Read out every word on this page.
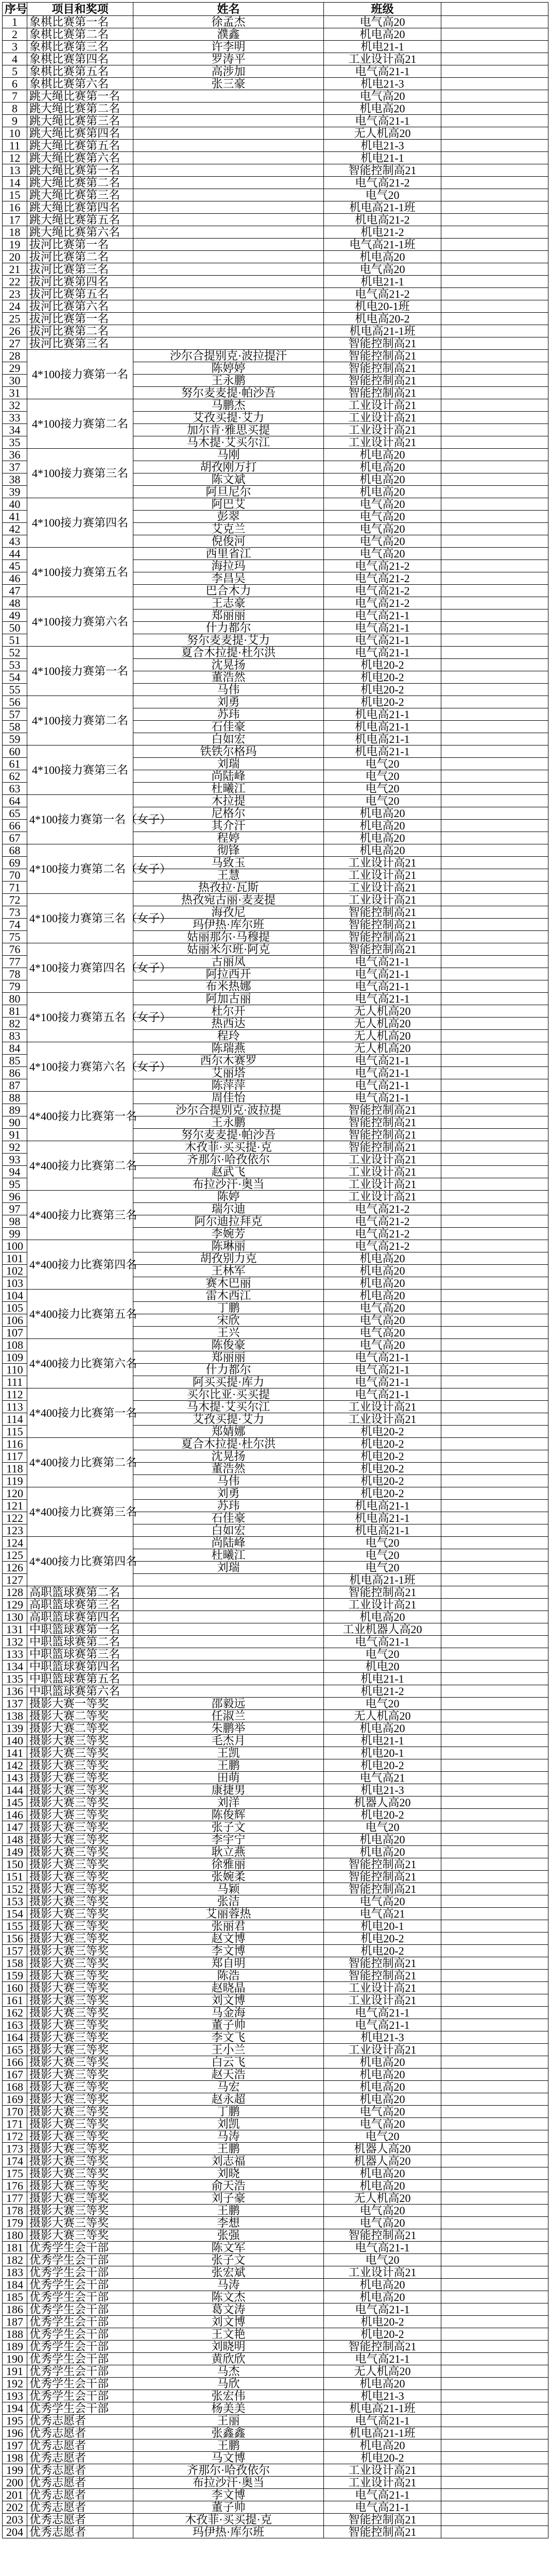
序号	项目和奖项	姓名	班级	
1	象棋比赛第一名	徐孟杰	电气高20	
2	象棋比赛第二名	濮鑫	机电高20	
3	象棋比赛第三名	许李明	机电21-1	
4	象棋比赛第四名	罗涛平	工业设计高21	
5	象棋比赛第五名	高涉加	电气高21-1	
6	象棋比赛第六名	张三豪	机电21-3	
7	跳大绳比赛第一名		电气高20	
8	跳大绳比赛第二名		机电高20	
9	跳大绳比赛第三名		电气高21-1	
10	跳大绳比赛第四名		无人机高20	
11	跳大绳比赛第五名		机电21-3	
12	跳大绳比赛第六名		机电21-1	
13	跳大绳比赛第一名		智能控制高21	
14	跳大绳比赛第二名		电气高21-2	
15	跳大绳比赛第三名		电气20	
16	跳大绳比赛第四名		机电高21-1班	
17	跳大绳比赛第五名		机电高21-2	
18	跳大绳比赛第六名		机电21-2	
19	拔河比赛第一名		电气高21-1班	
20	拔河比赛第二名		机电高20	
21	拔河比赛第三名		电气高20	
22	拔河比赛第四名		机电21-1	
23	拔河比赛第五名		电气高21-2	
24	拔河比赛第六名		机电20-1班	
25	拔河比赛第一名		机电高20-2	
26	拔河比赛第二名		机电高21-1班	
27	拔河比赛第三名		智能控制高21	
28	4*100接力赛第一名	沙尔合提别克·波拉提汗	智能控制高21	
29		陈婷婷	智能控制高21	
30		王永鹏	智能控制高21	
31		努尔麦麦提·帕沙吾	智能控制高21	
32	4*100接力赛第二名	马鹏杰	工业设计高21	
33		艾孜买提·艾力	工业设计高21	
34		加尔肯·雅思买提	工业设计高21	
35		马木提·艾买尔江	工业设计高21	
36	4*100接力赛第三名	马刚	机电高20	
37		胡孜刚万打	机电高20	
38		陈文斌	机电高20	
39		阿旦尼尔	机电高20	
40	4*100接力赛第四名	阿巴艾	电气高20	
41		彭翠	电气高20	
42		艾克兰	电气高20	
43		倪俊河	电气高20	
44	4*100接力赛第五名	西里省江	电气高20	
45		海拉玛	电气高21-2	
46		李昌吴	电气高21-2	
47		巴合木力	电气高21-2	
48	4*100接力赛第六名	王志豪	电气高21-2	
49		郑丽丽	电气高21-1	
50		什力都尔	电气高21-1	
51		努尔麦麦提·艾力	电气高21-1	
52	4*100接力赛第一名	夏合木拉提·杜尔洪	电气高21-1	
53		沈晃扬	机电20-2	
54		董浩然	机电20-2	
55		马伟	机电20-2	
56	4*100接力赛第二名	刘勇	机电20-2	
57		苏玮	机电高21-1	
58		石佳豪	机电高21-1	
59		白如宏	机电高21-1	
60	4*100接力赛第三名	铁铁尔格玛	机电高21-1	
61		刘瑞	电气20	
62		尚陆峰	电气20	
63		杜曦江	电气20	
64	4*100接力赛第一名（女子）	木拉提	电气20	
65		尼格尔	机电高20	
66		其介汗	机电高20	
67		程婷	机电高20	
68	4*100接力赛第二名（女子）	彻锋	机电高20	
69		马致玉	工业设计高21	
70		王慧	工业设计高21	
71		热孜拉·瓦斯	工业设计高21	
72	4*100接力赛第三名（女子）	热孜宛古丽·麦麦提	工业设计高21	
73		海孜尼	智能控制高21	
74		玛伊热·库尔班	智能控制高21	
75		姑丽那尔·马穆提	智能控制高21	
76	4*100接力赛第四名（女子）	姑丽米尔班·阿克	智能控制高21	
77		古丽凤	电气高21-1	
78		阿拉西开	电气高21-1	
79		布米热娜	电气高21-1	
80	4*100接力赛第五名（女子）	阿加古丽	电气高21-1	
81		杜尔开	无人机高20	
82		热西达	无人机高20	
83		程玲	无人机高20	
84	4*100接力赛第六名（女子）	陈瑞燕	无人机高20	
85		西尔木赛罗	电气高21-1	
86		艾丽塔	电气高21-1	
87		陈萍萍	电气高21-1	
88	4*400接力比赛第一名	周佳怡	电气高21-1	
89		沙尔合提别克·波拉提	智能控制高21	
90		王永鹏	智能控制高21	
91		努尔麦麦提·帕沙吾	智能控制高21	
92	4*400接力比赛第二名	木孜菲·买买提·克	智能控制高21	
93		齐那尔·哈孜依尔	工业设计高21	
94		赵武飞	工业设计高21	
95		布拉沙汗·奥当	工业设计高21	
96	4*400接力比赛第三名	陈婷	工业设计高21	
97		瑞尔迪	电气高21-2	
98		阿尔迪拉拜克	电气高21-2	
99		李婉芳	电气高21-2	
100	4*400接力比赛第四名	陈琳丽	电气高21-2	
101		胡孜别力克	机电高20	
102		王林军	机电高20	
103		赛木巴丽	机电高20	
104	4*400接力比赛第五名	雷木西江	机电高20	
105		丁鹏	电气高20	
106		宋欣	电气高20	
107		王兴	电气高20	
108	4*400接力比赛第六名	陈俊豪	电气高20	
109		郑丽丽	电气高21-1	
110		什力都尔	电气高21-1	
111		阿买买提·库力	电气高21-1	
112	4*400接力比赛第一名	买尔比亚·买买提	电气高21-1	
113		马木提·艾买尔江	工业设计高21	
114		艾孜买提·艾力	工业设计高21	
115		郑婧娜	机电20-2	
116	4*400接力比赛第二名	夏合木拉提·杜尔洪	机电20-2	
117		沈晃扬	机电20-2	
118		董浩然	机电20-2	
119		马伟	机电20-2	
120	4*400接力比赛第三名	刘勇	机电20-2	
121		苏玮	机电高21-1	
122		石佳豪	机电高21-1	
123		白如宏	机电高21-1	
124	4*400接力比赛第四名	尚陆峰	电气20	
125		杜曦江	电气20	
126		刘瑞	电气20	
127			机电高21-1班	
128	高职篮球赛第二名		智能控制高21	
129	高职篮球赛第三名		工业设计高21	
130	高职篮球赛第四名		机电高20	
131	中职篮球赛第一名		工业机器人高20	
132	中职篮球赛第二名		电气高21-1	
133	中职篮球赛第三名		电气20	
134	中职篮球赛第四名		机电20	
135	中职篮球赛第五名		机电21-1	
136	中职篮球赛第六名		机电21-2	
137	摄影大赛一等奖	邵毅远	电气20	
138	摄影大赛二等奖	任淑兰	无人机高20	
139	摄影大赛二等奖	朱鹏举	机电高20	
140	摄影大赛三等奖	毛杰月	机电21-1	
141	摄影大赛三等奖	王凯	机电20-1	
142	摄影大赛三等奖	王鹏	机电20-2	
143	摄影大赛三等奖	田萌	电气高21	
144	摄影大赛三等奖	康捷男	机电21-3	
145	摄影大赛三等奖	刘洋	机器人高20	
146	摄影大赛三等奖	陈俊辉	机电20-2	
147	摄影大赛三等奖	张子文	电气20	
148	摄影大赛三等奖	李宇宁	机电高20	
149	摄影大赛三等奖	耿立燕	机电高20	
150	摄影大赛三等奖	徐雅丽	智能控制高21	
151	摄影大赛三等奖	张婉柔	智能控制高21	
152	摄影大赛三等奖	马颖	智能控制高21	
153	摄影大赛三等奖	张洁	电气高20	
154	摄影大赛三等奖	艾丽蓉热	电气高21	
155	摄影大赛三等奖	张丽君	机电20-1	
156	摄影大赛三等奖	赵文博	机电20-2	
157	摄影大赛三等奖	李文博	机电20-2	
158	摄影大赛三等奖	郑自明	智能控制高21	
159	摄影大赛三等奖	陈浩	智能控制高21	
160	摄影大赛三等奖	赵晓晶	工业设计高21	
161	摄影大赛三等奖	刘文博	工业设计高21	
162	摄影大赛三等奖	马金海	电气高21-1	
163	摄影大赛三等奖	董子帅	电气高21-1	
164	摄影大赛三等奖	李文飞	机电21-3	
165	摄影大赛三等奖	王小兰	工业设计高21	
166	摄影大赛三等奖	白云飞	机电高20	
167	摄影大赛三等奖	赵天浩	机电高20	
168	摄影大赛三等奖	马宏	机电高20	
169	摄影大赛三等奖	赵永超	机电高20	
170	摄影大赛三等奖	丁鹏	电气高20	
171	摄影大赛三等奖	刘凯	电气高20	
172	摄影大赛三等奖	马涛	电气20	
173	摄影大赛三等奖	王鹏	机器人高20	
174	摄影大赛三等奖	刘志福	机器人高20	
175	摄影大赛三等奖	刘晓	机电高20	
176	摄影大赛三等奖	俞天浩	机电高20	
177	摄影大赛三等奖	刘子豪	无人机高20	
178	摄影大赛三等奖	王鹏	电气高20	
179	摄影大赛三等奖	李想	电气高20	
180	摄影大赛三等奖	张强	智能控制高21	
181	优秀学生会干部	陈文军	电气高21-1	
182	优秀学生会干部	张子文	电气20	
183	优秀学生会干部	张宏斌	工业设计高21	
184	优秀学生会干部	马涛	机电高20	
185	优秀学生会干部	陈文杰	机电高20	
186	优秀学生会干部	葛文涛	电气高21-1	
187	优秀学生会干部	刘文博	机电20-2	
188	优秀学生会干部	王文艳	机电20-2	
189	优秀学生会干部	刘晓明	智能控制高21	
190	优秀学生会干部	黄欣欣	电气高21-1	
191	优秀学生会干部	马杰	无人机高20	
192	优秀学生会干部	马欣	机电高20	
193	优秀学生会干部	张宏伟	机电21-3	
194	优秀学生会干部	杨美美	机电高21-1班	
195	优秀志愿者	王丽	电气高21-1	
196	优秀志愿者	张鑫鑫	机电高21-1班	
197	优秀志愿者	王鹏	机电高20	
198	优秀志愿者	马文博	机电20-2	
199	优秀志愿者	齐那尔·哈孜依尔	工业设计高21	
200	优秀志愿者	布拉沙汗·奥当	工业设计高21	
201	优秀志愿者	李文博	电气高21-1	
202	优秀志愿者	董子帅	电气高21-1	
203	优秀志愿者	木孜菲·买买提·克	智能控制高21	
204	优秀志愿者	玛伊热·库尔班	智能控制高21	
